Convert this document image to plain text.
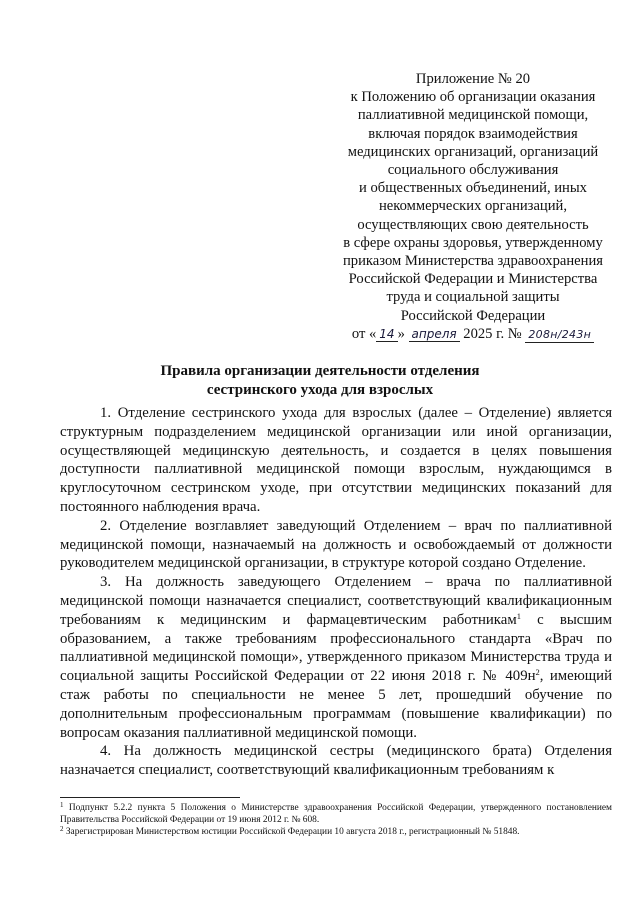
Приложение № 20
к Положению об организации оказания
паллиативной медицинской помощи,
включая порядок взаимодействия
медицинских организаций, организаций
социального обслуживания
и общественных объединений, иных
некоммерческих организаций,
осуществляющих свою деятельность
в сфере охраны здоровья, утвержденному
приказом Министерства здравоохранения
Российской Федерации и Министерства
труда и социальной защиты
Российской Федерации
от « 14 » апреля 2025 г. № 208н/243н
Правила организации деятельности отделения
сестринского ухода для взрослых

1. Отделение сестринского ухода для взрослых (далее – Отделение) является структурным подразделением медицинской организации или иной организации, осуществляющей медицинскую деятельность, и создается в целях повышения доступности паллиативной медицинской помощи взрослым, нуждающимся в круглосуточном сестринском уходе, при отсутствии медицинских показаний для постоянного наблюдения врача.

2. Отделение возглавляет заведующий Отделением – врач по паллиативной медицинской помощи, назначаемый на должность и освобождаемый от должности руководителем медицинской организации, в структуре которой создано Отделение.

3. На должность заведующего Отделением – врача по паллиативной медицинской помощи назначается специалист, соответствующий квалификационным требованиям к медицинским и фармацевтическим работникам$^1$ с высшим образованием, а также требованиям профессионального стандарта «Врач по паллиативной медицинской помощи», утвержденного приказом Министерства труда и социальной защиты Российской Федерации от 22 июня 2018 г. № $409н^2$, имеющий стаж работы по специальности не менее 5 лет, прошедший обучение по дополнительным профессиональным программам (повышение квалификации) по вопросам оказания паллиативной медицинской помощи.

4. На должность медицинской сестры (медицинского брата) Отделения назначается специалист, соответствующий квалификационным требованиям к

$^1$ Подпункт 5.2.2 пункта 5 Положения о Министерстве здравоохранения Российской Федерации, утвержденного постановлением Правительства Российской Федерации от 19 июня 2012 г. № 608.

$^2$ Зарегистрирован Министерством юстиции Российской Федерации 10 августа 2018 г., регистрационный № 51848.
